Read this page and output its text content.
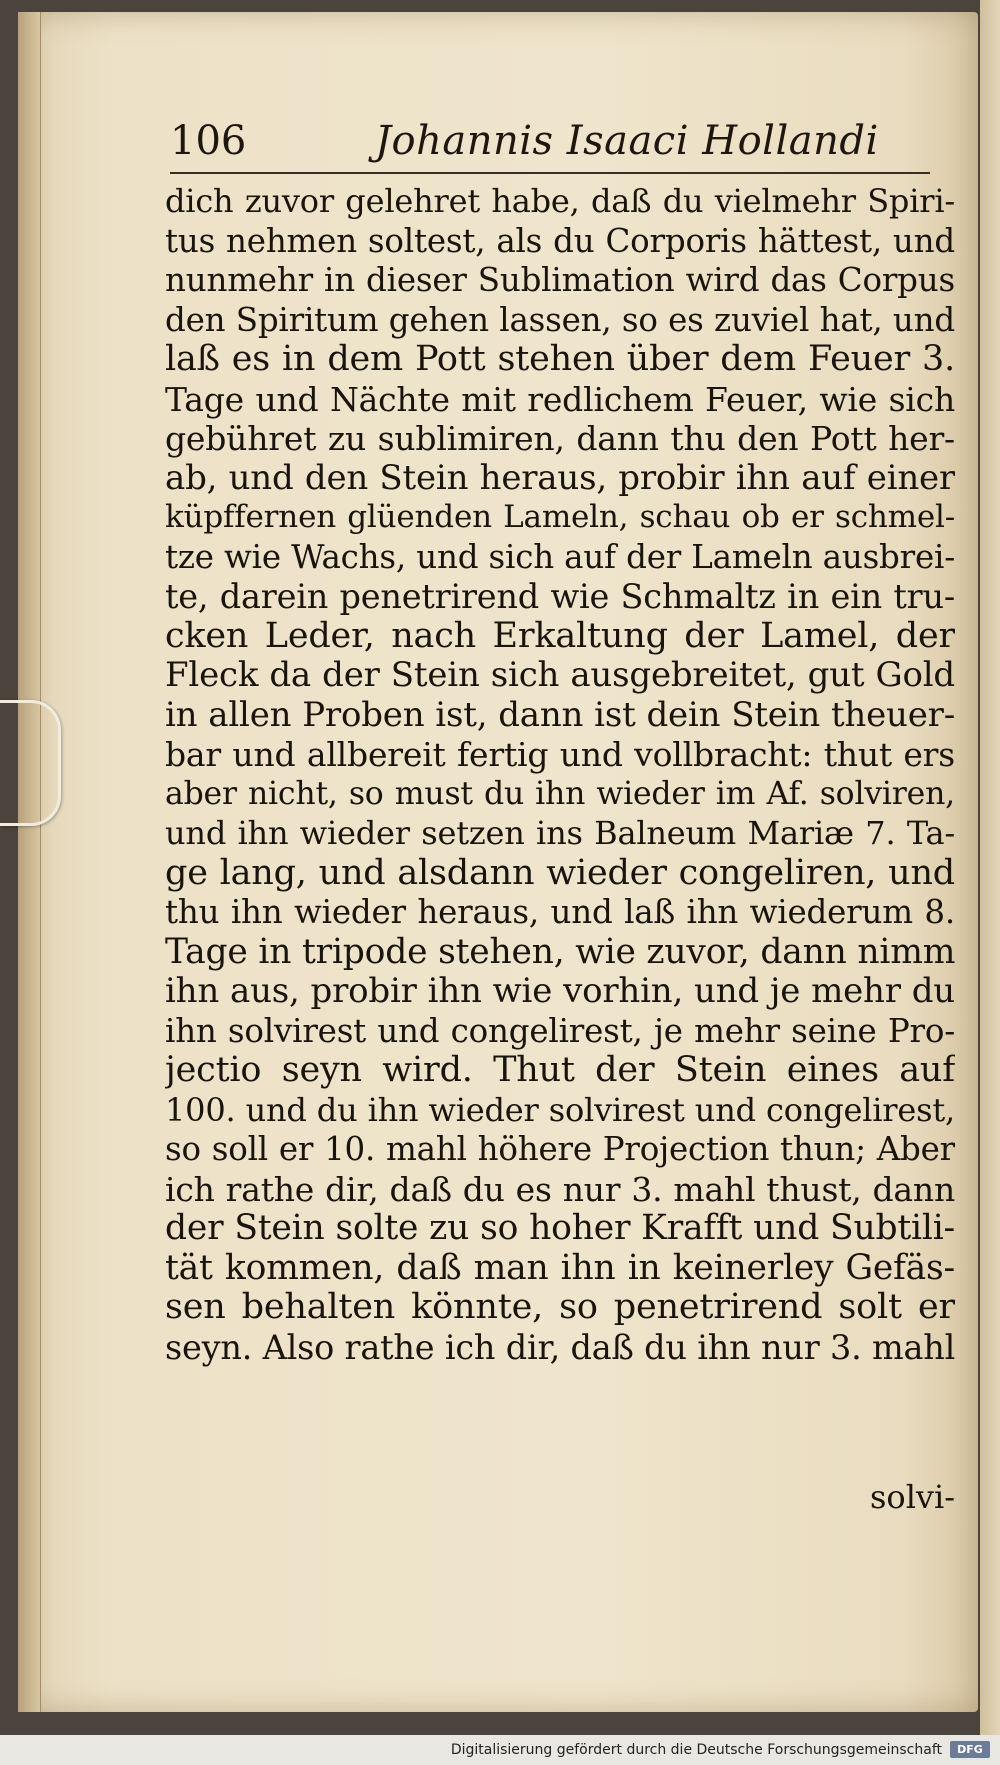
106	Johannis Isaaci Hollandi
dich zuvor gelehret habe, daß du vielmehr Spiri-
tus nehmen soltest, als du Corporis hättest, und
nunmehr in dieser Sublimation wird das Corpus
den Spiritum gehen lassen, so es zuviel hat, und
laß es in dem Pott stehen über dem Feuer 3.
Tage und Nächte mit redlichem Feuer, wie sich
gebühret zu sublimiren, dann thu den Pott her-
ab, und den Stein heraus, probir ihn auf einer
küpffernen glüenden Lameln, schau ob er schmel-
tze wie Wachs, und sich auf der Lameln ausbrei-
te, darein penetrirend wie Schmaltz in ein tru-
cken Leder, nach Erkaltung der Lamel, der
Fleck da der Stein sich ausgebreitet, gut Gold
in allen Proben ist, dann ist dein Stein theuer-
bar und allbereit fertig und vollbracht: thut ers
aber nicht, so must du ihn wieder im Af. solviren,
und ihn wieder setzen ins Balneum Mariæ 7. Ta-
ge lang, und alsdann wieder congeliren, und
thu ihn wieder heraus, und laß ihn wiederum 8.
Tage in tripode stehen, wie zuvor, dann nimm
ihn aus, probir ihn wie vorhin, und je mehr du
ihn solvirest und congelirest, je mehr seine Pro-
jectio seyn wird. Thut der Stein eines auf
100. und du ihn wieder solvirest und congelirest,
so soll er 10. mahl höhere Projection thun; Aber
ich rathe dir, daß du es nur 3. mahl thust, dann
der Stein solte zu so hoher Krafft und Subtili-
tät kommen, daß man ihn in keinerley Gefäs-
sen behalten könnte, so penetrirend solt er
seyn. Also rathe ich dir, daß du ihn nur 3. mahl
solvi-
Digitalisierung gefördert durch die Deutsche Forschungsgemeinschaft	DFG
